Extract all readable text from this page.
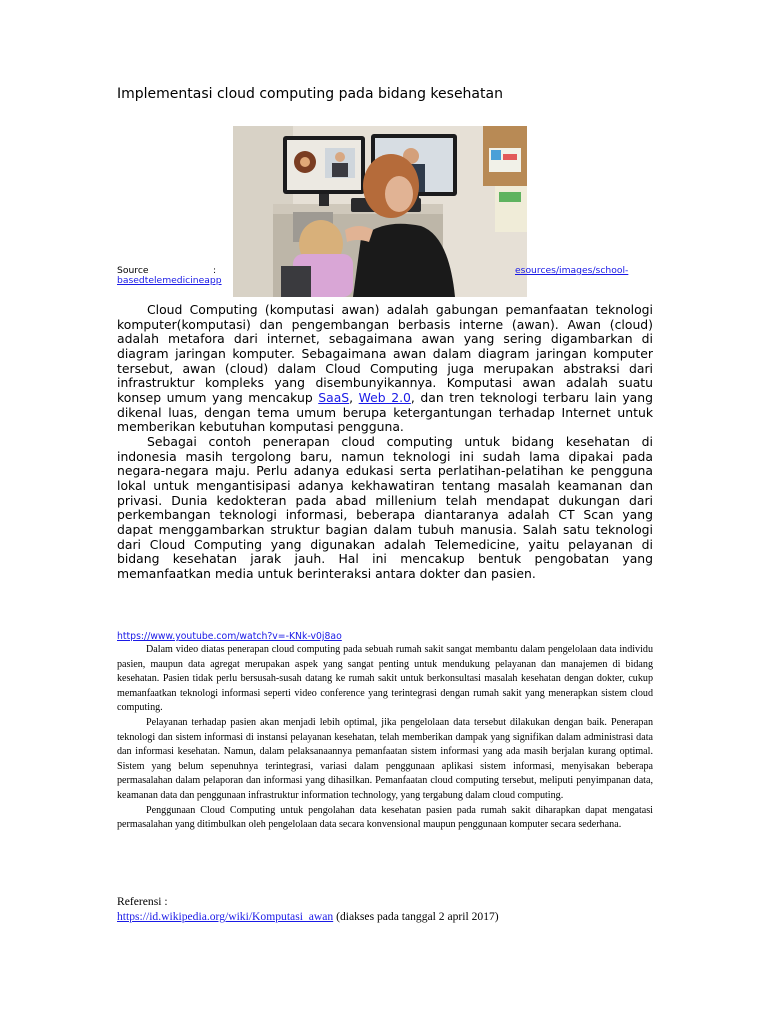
Implementasi cloud computing pada bidang kesehatan
Source	:	esources/images/school-
basedtelemedicineapp

Cloud Computing (komputasi awan) adalah gabungan pemanfaatan teknologi komputer(komputasi) dan pengembangan berbasis interne (awan). Awan (cloud) adalah metafora dari internet, sebagaimana awan yang sering digambarkan di diagram jaringan komputer. Sebagaimana awan dalam diagram jaringan komputer tersebut, awan (cloud) dalam Cloud Computing juga merupakan abstraksi dari infrastruktur kompleks yang disembunyikannya. Komputasi awan adalah suatu konsep umum yang mencakup SaaS, Web 2.0, dan tren teknologi terbaru lain yang dikenal luas, dengan tema umum berupa ketergantungan terhadap Internet untuk memberikan kebutuhan komputasi pengguna.

Sebagai contoh penerapan cloud computing untuk bidang kesehatan di indonesia masih tergolong baru, namun teknologi ini sudah lama dipakai pada negara-negara maju. Perlu adanya edukasi serta perlatihan-pelatihan ke pengguna lokal untuk mengantisipasi adanya kekhawatiran tentang masalah keamanan dan privasi. Dunia kedokteran pada abad millenium telah mendapat dukungan dari perkembangan teknologi informasi, beberapa diantaranya adalah CT Scan yang dapat menggambarkan struktur bagian dalam tubuh manusia. Salah satu teknologi dari Cloud Computing yang digunakan adalah Telemedicine, yaitu pelayanan di bidang kesehatan jarak jauh. Hal ini mencakup bentuk pengobatan yang memanfaatkan media untuk berinteraksi antara dokter dan pasien.

https://www.youtube.com/watch?v=-KNk-v0j8ao

Dalam video diatas penerapan cloud computing pada sebuah rumah sakit sangat membantu dalam pengelolaan data individu pasien, maupun data agregat merupakan aspek yang sangat penting untuk mendukung pelayanan dan manajemen di bidang kesehatan. Pasien tidak perlu bersusah-susah datang ke rumah sakit untuk berkonsultasi masalah kesehatan dengan dokter, cukup memanfaatkan teknologi informasi seperti video conference yang terintegrasi dengan rumah sakit yang menerapkan sistem cloud computing.

Pelayanan terhadap pasien akan menjadi lebih optimal, jika pengelolaan data tersebut dilakukan dengan baik. Penerapan teknologi dan sistem informasi di instansi pelayanan kesehatan, telah memberikan dampak yang signifikan dalam administrasi data dan informasi kesehatan. Namun, dalam pelaksanaannya pemanfaatan sistem informasi yang ada masih berjalan kurang optimal. Sistem yang belum sepenuhnya terintegrasi, variasi dalam penggunaan aplikasi sistem informasi, menyisakan beberapa permasalahan dalam pelaporan dan informasi yang dihasilkan. Pemanfaatan cloud computing tersebut, meliputi penyimpanan data, keamanan data dan penggunaan infrastruktur information technology, yang tergabung dalam cloud computing.

Penggunaan Cloud Computing untuk pengolahan data kesehatan pasien pada rumah sakit diharapkan dapat mengatasi permasalahan yang ditimbulkan oleh pengelolaan data secara konvensional maupun penggunaan komputer secara sederhana.

Referensi :
https://id.wikipedia.org/wiki/Komputasi_awan (diakses pada tanggal 2 april 2017)
